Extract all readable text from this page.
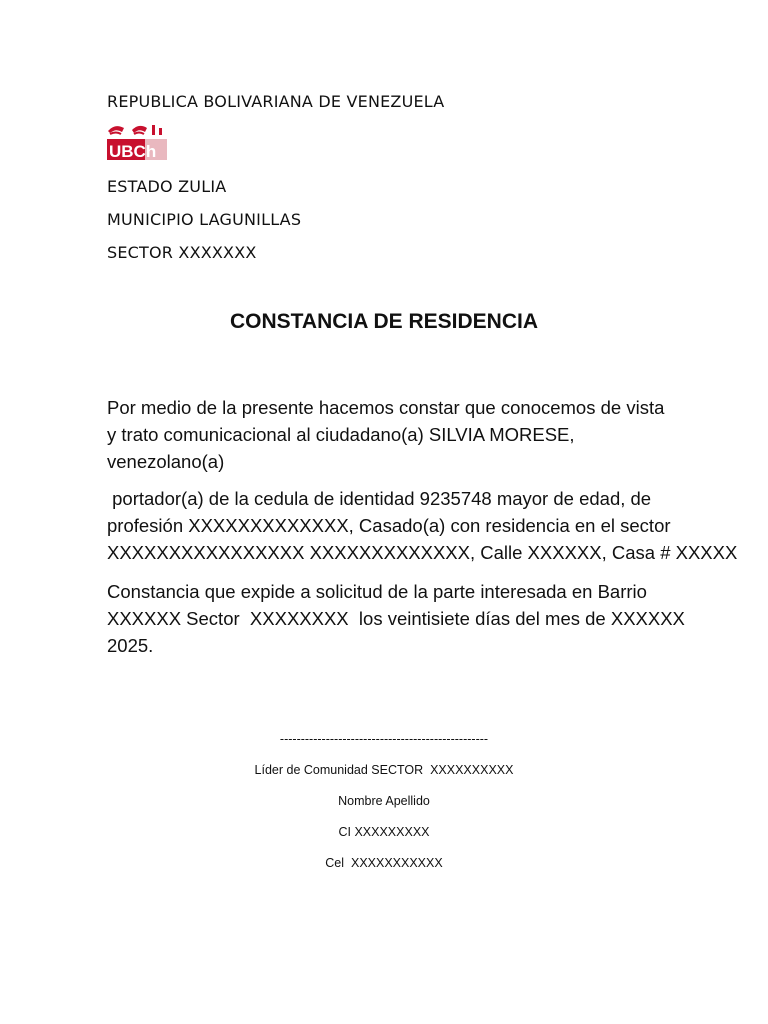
REPUBLICA BOLIVARIANA DE VENEZUELA
UBCh
ESTADO ZULIA
MUNICIPIO LAGUNILLAS
SECTOR XXXXXXX
CONSTANCIA DE RESIDENCIA
Por medio de la presente hacemos constar que conocemos de vista
y trato comunicacional al ciudadano(a) SILVIA MORESE,
venezolano(a)
portador(a) de la cedula de identidad 9235748 mayor de edad, de
profesión XXXXXXXXXXXXX, Casado(a) con residencia en el sector
XXXXXXXXXXXXXXXX XXXXXXXXXXXXX, Calle XXXXXX, Casa # XXXXX
Constancia que expide a solicitud de la parte interesada en Barrio
XXXXXX Sector  XXXXXXXX  los veintisiete días del mes de XXXXXX
2025.
--------------------------------------------------
Líder de Comunidad SECTOR  XXXXXXXXXX
Nombre Apellido
CI XXXXXXXXX
Cel  XXXXXXXXXXX
